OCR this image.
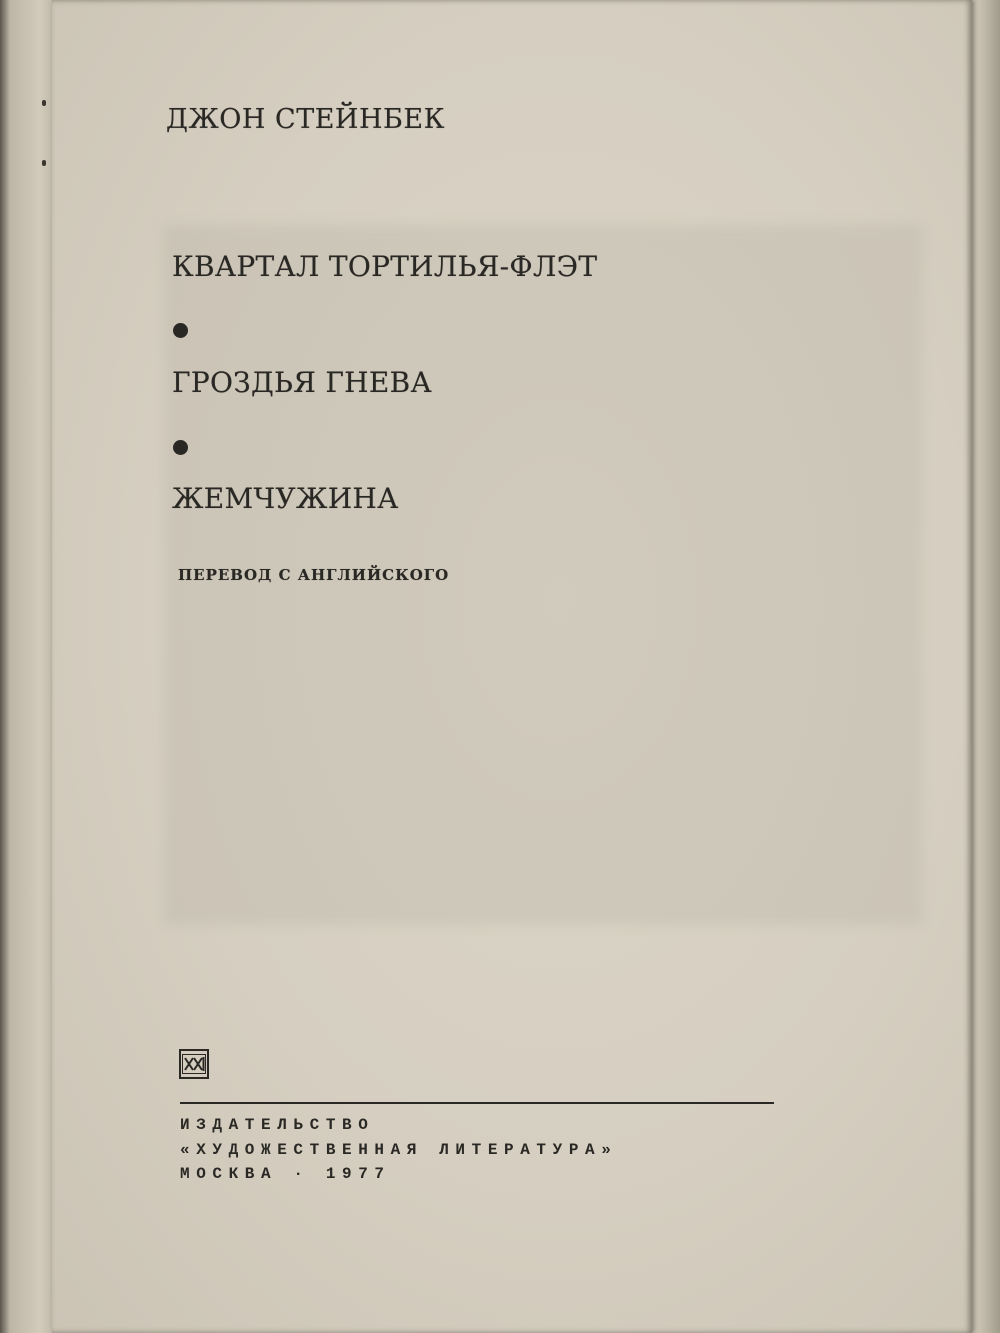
ДЖОН СТЕЙНБЕК
КВАРТАЛ ТОРТИЛЬЯ-ФЛЭТ
ГРОЗДЬЯ ГНЕВА
ЖЕМЧУЖИНА
ПЕРЕВОД С АНГЛИЙСКОГО
ИЗДАТЕЛЬСТВО
«ХУДОЖЕСТВЕННАЯ ЛИТЕРАТУРА»
МОСКВА · 1977
